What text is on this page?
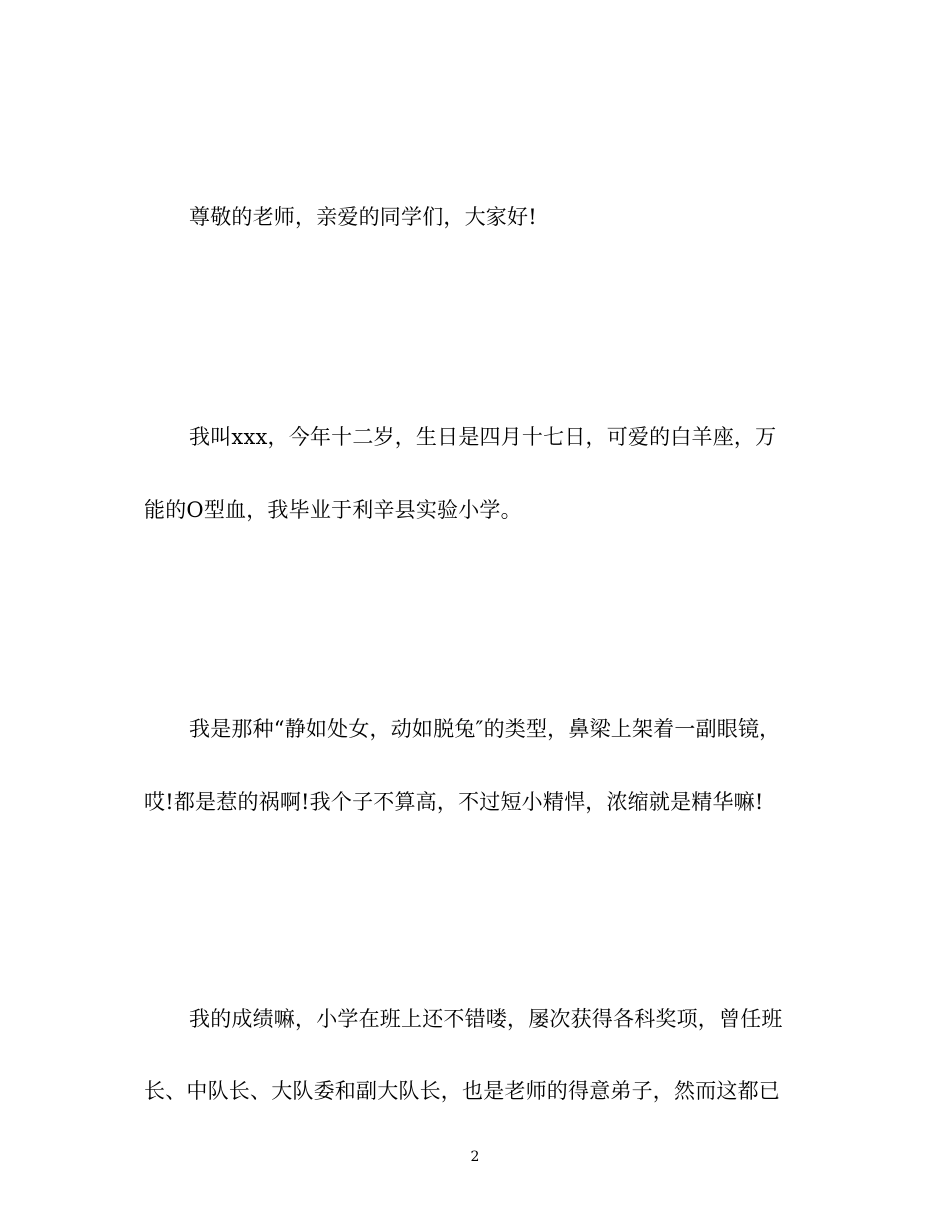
尊敬的老师，亲爱的同学们，大家好!
我叫xxx，今年十二岁，生日是四月十七日，可爱的白羊座，万
能的O型血，我毕业于利辛县实验小学。
我是那种“静如处女，动如脱兔″的类型，鼻梁上架着一副眼镜，
哎!都是惹的祸啊!我个子不算高，不过短小精悍，浓缩就是精华嘛!
我的成绩嘛，小学在班上还不错喽，屡次获得各科奖项，曾任班
长、中队长、大队委和副大队长，也是老师的得意弟子，然而这都已
2
